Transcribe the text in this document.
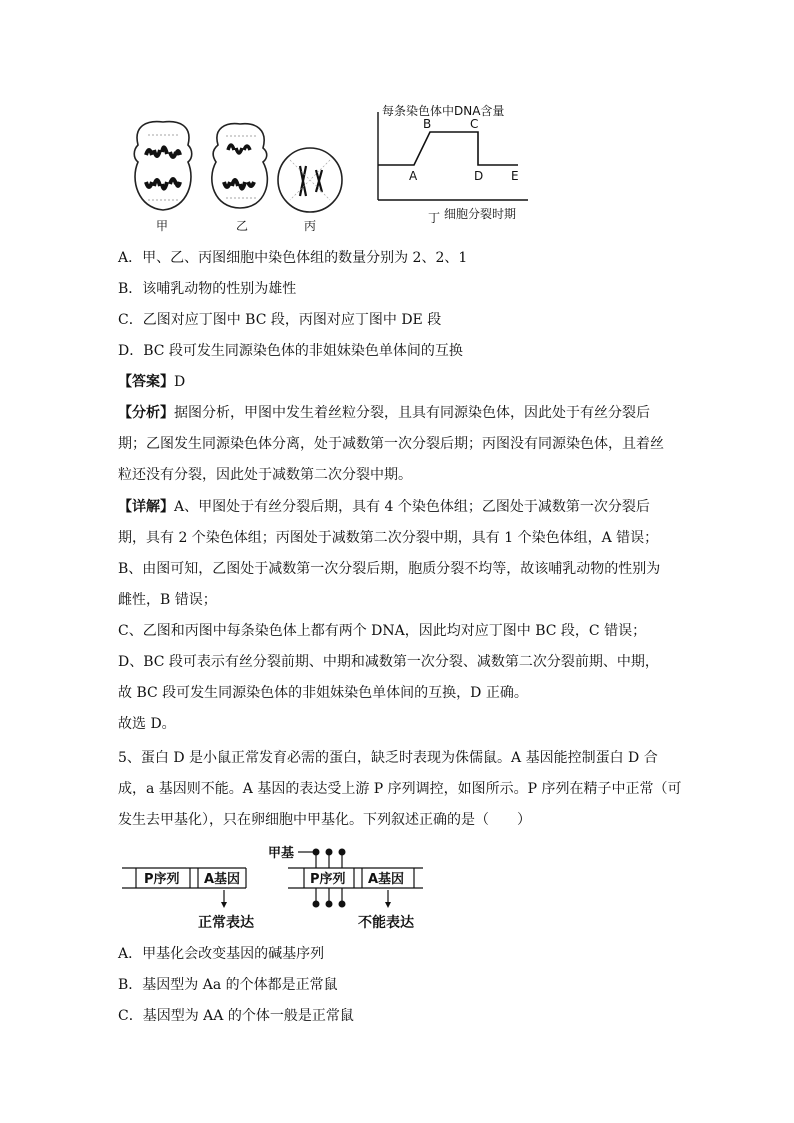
甲	乙	丙
每条染色体中DNA含量
A
B	C
D E
丁 细胞分裂时期
A．甲、乙、丙图细胞中染色体组的数量分别为 2、2、1
B．该哺乳动物的性别为雄性
C．乙图对应丁图中 BC 段，丙图对应丁图中 DE 段
D．BC 段可发生同源染色体的非姐妹染色单体间的互换
【答案】D
【分析】据图分析，甲图中发生着丝粒分裂，且具有同源染色体，因此处于有丝分裂后
期；乙图发生同源染色体分离，处于减数第一次分裂后期；丙图没有同源染色体，且着丝
粒还没有分裂，因此处于减数第二次分裂中期。
【详解】A、甲图处于有丝分裂后期，具有 4 个染色体组；乙图处于减数第一次分裂后
期，具有 2 个染色体组；丙图处于减数第二次分裂中期，具有 1 个染色体组，A 错误；
B、由图可知，乙图处于减数第一次分裂后期，胞质分裂不均等，故该哺乳动物的性别为
雌性，B 错误；
C、乙图和丙图中每条染色体上都有两个 DNA，因此均对应丁图中 BC 段，C 错误；
D、BC 段可表示有丝分裂前期、中期和减数第一次分裂、减数第二次分裂前期、中期，
故 BC 段可发生同源染色体的非姐妹染色单体间的互换，D 正确。
故选 D。
5、蛋白 D 是小鼠正常发育必需的蛋白，缺乏时表现为侏儒鼠。A 基因能控制蛋白 D 合
成，a 基因则不能。A 基因的表达受上游 P 序列调控，如图所示。P 序列在精子中正常（可
发生去甲基化），只在卵细胞中甲基化。下列叙述正确的是（　　）
P序列 A基因
正常表达
甲基
P序列 A基因
不能表达
A．甲基化会改变基因的碱基序列
B．基因型为 Aa 的个体都是正常鼠
C．基因型为 AA 的个体一般是正常鼠
